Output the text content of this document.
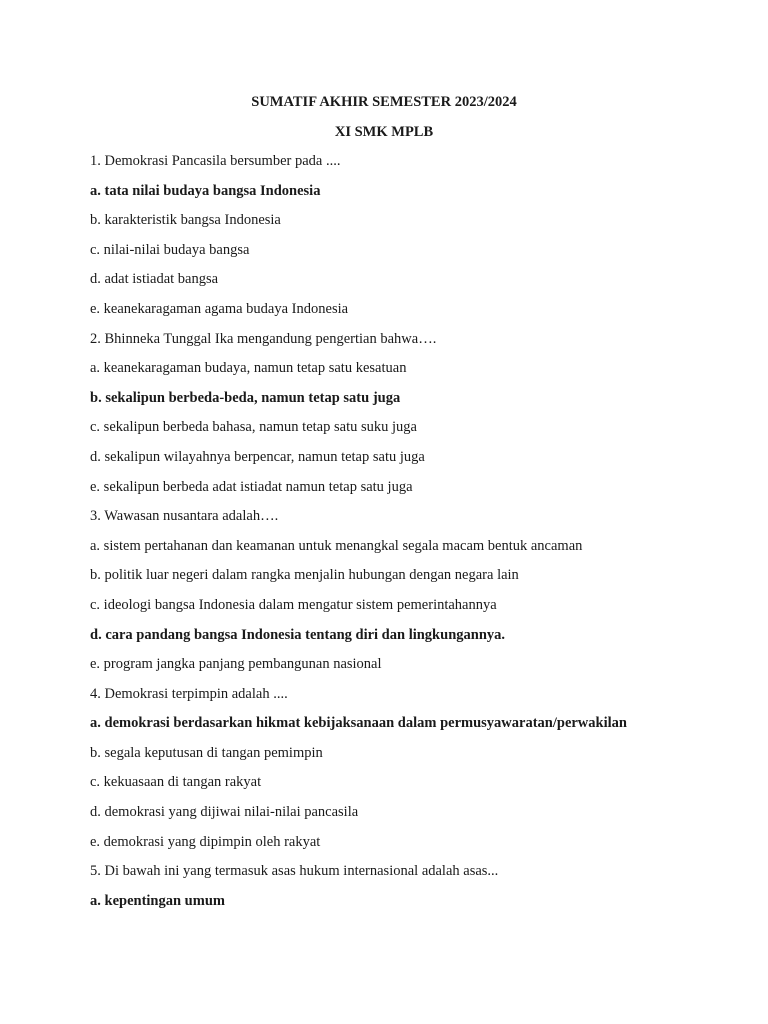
SUMATIF AKHIR SEMESTER 2023/2024
XI SMK MPLB
1. Demokrasi Pancasila bersumber pada ....
a. tata nilai budaya bangsa Indonesia
b. karakteristik bangsa Indonesia
c. nilai-nilai budaya bangsa
d. adat istiadat bangsa
e. keanekaragaman agama budaya Indonesia
2. Bhinneka Tunggal Ika mengandung pengertian bahwa….
a. keanekaragaman budaya, namun tetap satu kesatuan
b. sekalipun berbeda-beda, namun tetap satu juga
c. sekalipun berbeda bahasa, namun tetap satu suku juga
d. sekalipun wilayahnya berpencar, namun tetap satu juga
e. sekalipun berbeda adat istiadat namun tetap satu juga
3. Wawasan nusantara adalah….
a. sistem pertahanan dan keamanan untuk menangkal segala macam bentuk ancaman
b. politik luar negeri dalam rangka menjalin hubungan dengan negara lain
c. ideologi bangsa Indonesia dalam mengatur sistem pemerintahannya
d. cara pandang bangsa Indonesia tentang diri dan lingkungannya.
e. program jangka panjang pembangunan nasional
4. Demokrasi terpimpin adalah ....
a. demokrasi berdasarkan hikmat kebijaksanaan dalam permusyawaratan/perwakilan
b. segala keputusan di tangan pemimpin
c. kekuasaan di tangan rakyat
d. demokrasi yang dijiwai nilai-nilai pancasila
e. demokrasi yang dipimpin oleh rakyat
5. Di bawah ini yang termasuk asas hukum internasional adalah asas...
a. kepentingan umum
